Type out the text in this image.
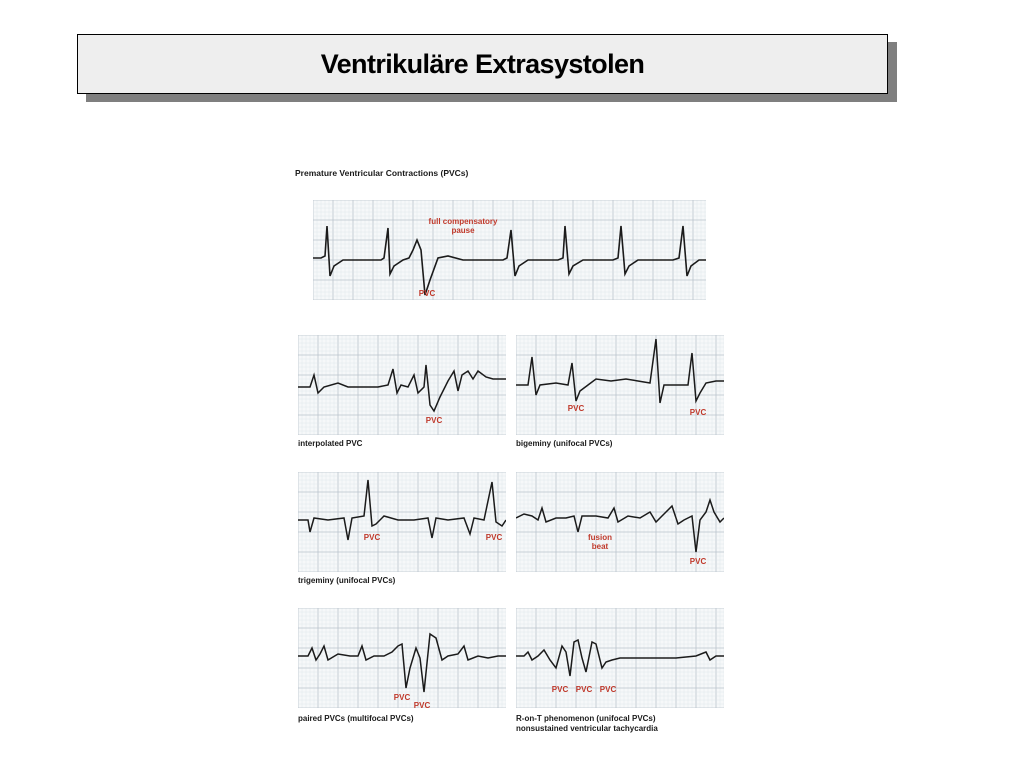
Ventrikuläre Extrasystolen
Premature Ventricular Contractions (PVCs)
full compensatory
pause
PVC
PVC
interpolated PVC
PVC	PVC
bigeminy (unifocal PVCs)
PVC	PVC
trigeminy (unifocal PVCs)
fusion
beat
PVC
PVC
PVC
paired PVCs (multifocal PVCs)
PVC PVC PVC
R-on-T phenomenon (unifocal PVCs)
nonsustained ventricular tachycardia
